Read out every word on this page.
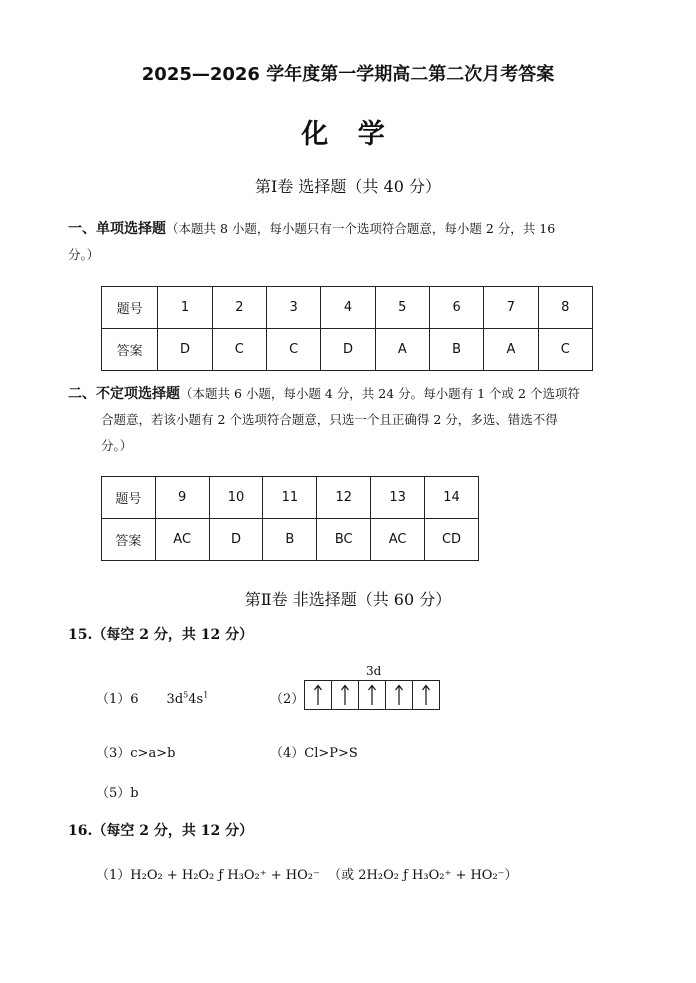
2025—2026 学年度第一学期高二第二次月考答案
化 学
第Ⅰ卷 选择题（共 40 分）
一、单项选择题（本题共 8 小题，每小题只有一个选项符合题意，每小题 2 分，共 16
分。）
题号	1	2	3	4	5	6	7	8
答案	D	C	C	D	A	B	A	C
二、不定项选择题（本题共 6 小题，每小题 4 分，共 24 分。每小题有 1 个或 2 个选项符
合题意，若该小题有 2 个选项符合题意，只选一个且正确得 2 分，多选、错选不得
分。）
题号	9	10	11	12	13	14
答案	AC	D	B	BC	AC	CD
第Ⅱ卷 非选择题（共 60 分）
15.（每空 2 分，共 12 分）
（1）6 $3d^54s^1$	（2）
3d
（3）c>a>b	（4）Cl>P>S
（5）b
16.（每空 2 分，共 12 分）
（1）H₂O₂ + H₂O₂ ƒ H₃O₂⁺ + HO₂⁻ （或 2H₂O₂ ƒ H₃O₂⁺ + HO₂⁻）
